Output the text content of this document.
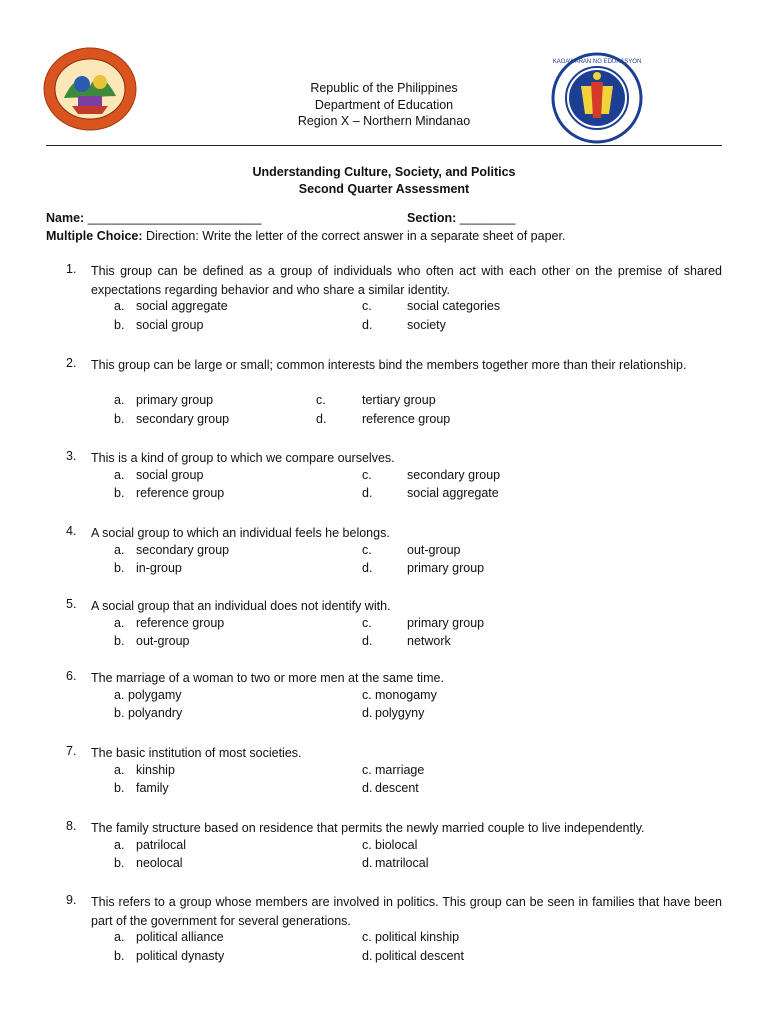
KAGAWARAN NG EDUKASYON
Republic of the Philippines
Department of Education
Region X – Northern Mindanao
Understanding Culture, Society, and Politics
Second Quarter Assessment
Name: _________________________	Section: ________
Multiple Choice: Direction: Write the letter of the correct answer in a separate sheet of paper.
1.	This group can be defined as a group of individuals who often act with each other on the premise of shared expectations regarding behavior and who share a similar identity.
a. social aggregate
b. social group
c.	social categories
d.	society
2.	This group can be large or small; common interests bind the members together more than their relationship.
a. primary group
b. secondary group
c.	tertiary group
d.	reference group
3.	This is a kind of group to which we compare ourselves.
a. social group
b. reference group
c.	secondary group
d.	social aggregate
4.	A social group to which an individual feels he belongs.
a. secondary group
b. in-group
c.	out-group
d.	primary group
5.	A social group that an individual does not identify with.
a. reference group
b. out-group
c.	primary group
d.	network
6.	The marriage of a woman to two or more men at the same time.
a. polygamy
b. polyandry
c. monogamy
d. polygyny
7.	The basic institution of most societies.
a. kinship
b. family
c. marriage
d. descent
8.	The family structure based on residence that permits the newly married couple to live independently.
a. patrilocal
b. neolocal
c. biolocal
d. matrilocal
9.	This refers to a group whose members are involved in politics. This group can be seen in families that have been part of the government for several generations.
a. political alliance
b. political dynasty
c. political kinship
d. political descent
